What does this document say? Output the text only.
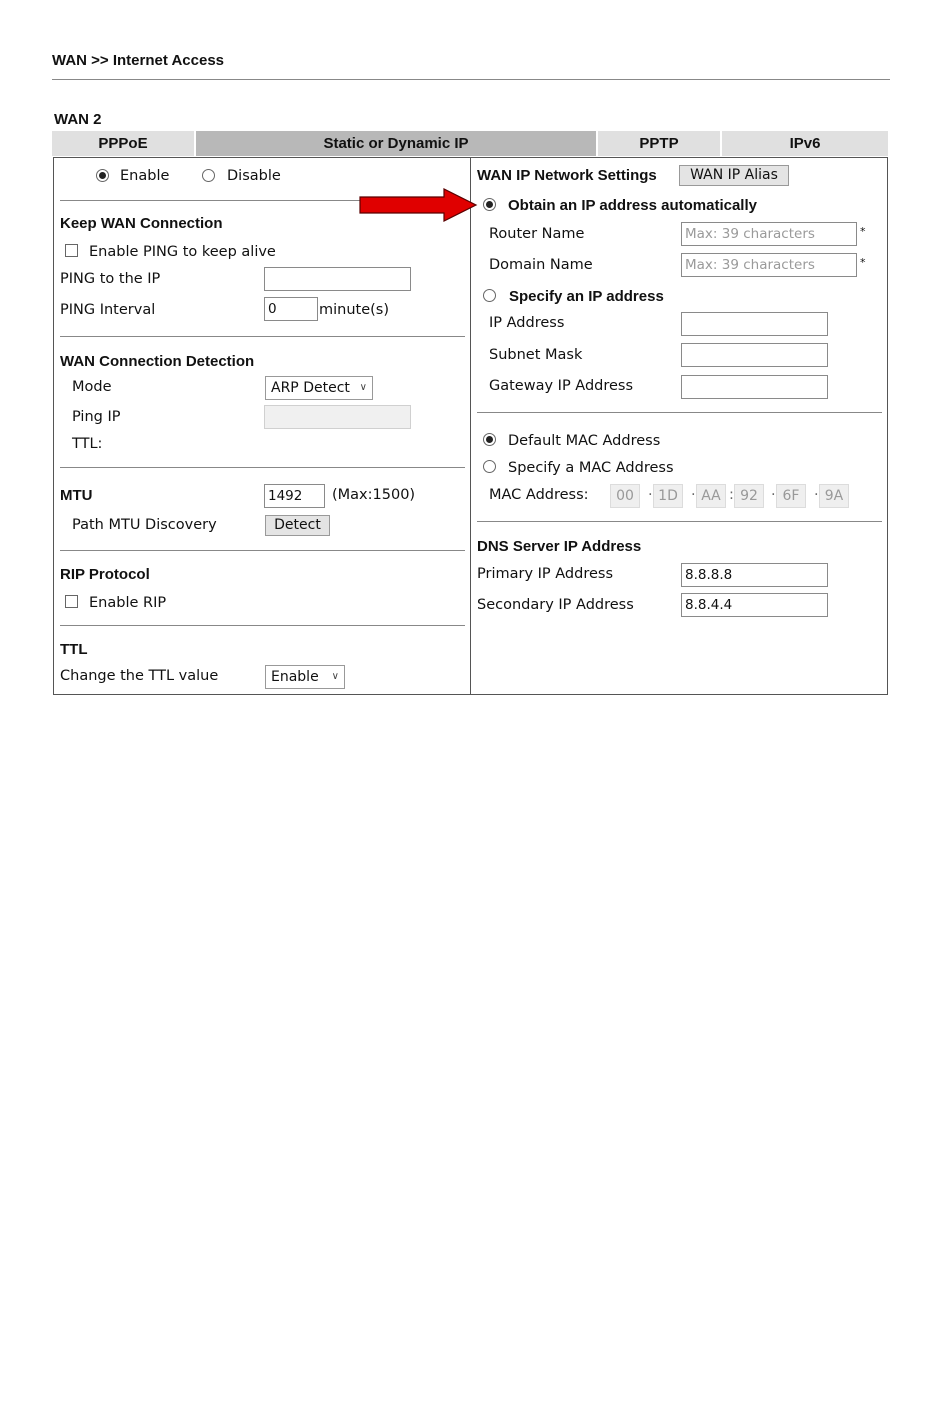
WAN >> Internet Access
WAN 2
PPPoE	Static or Dynamic IP	PPTP	IPv6
Enable	Disable
Keep WAN Connection
Enable PING to keep alive
PING to the IP
PING Interval	0	minute(s)
WAN Connection Detection
Mode	ARP Detect ∨
Ping IP
TTL:
MTU	1492	(Max:1500)
Path MTU Discovery	Detect
RIP Protocol
Enable RIP
TTL
Change the TTL value	Enable ∨
WAN IP Network Settings	WAN IP Alias
Obtain an IP address automatically
Router Name	Max: 39 characters	*
Domain Name	Max: 39 characters	*
Specify an IP address
IP Address
Subnet Mask
Gateway IP Address
Default MAC Address
Specify a MAC Address
MAC Address:	00 · 1D · AA : 92 · 6F	· 9A
DNS Server IP Address
Primary IP Address	8.8.8.8
Secondary IP Address	8.8.4.4
